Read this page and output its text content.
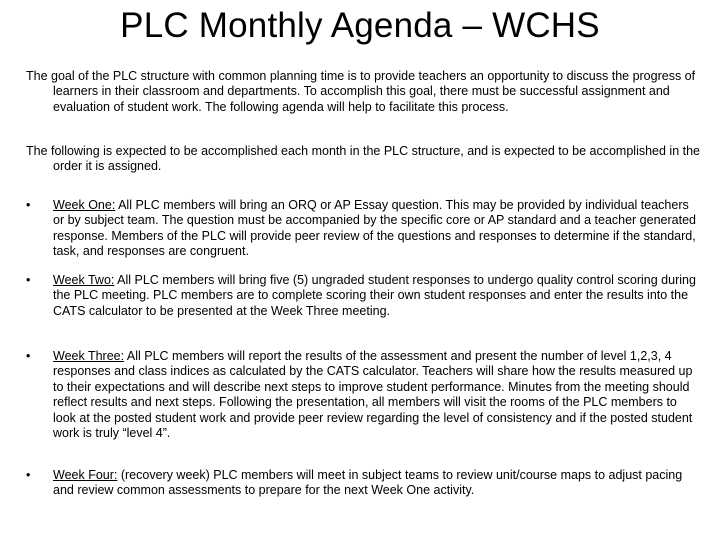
PLC Monthly Agenda – WCHS
The goal of the PLC structure with common planning time is to provide teachers an opportunity to discuss the progress of learners in their classroom and departments. To accomplish this goal, there must be successful assignment and evaluation of student work. The following agenda will help to facilitate this process.
The following is expected to be accomplished each month in the PLC structure, and is expected to be accomplished in the order it is assigned.
•	Week One: All PLC members will bring an ORQ or AP Essay question. This may be provided by individual teachers or by subject team. The question must be accompanied by the specific core or AP standard and a teacher generated response. Members of the PLC will provide peer review of the questions and responses to determine if the standard, task, and responses are congruent.
•	Week Two: All PLC members will bring five (5) ungraded student responses to undergo quality control scoring during the PLC meeting. PLC members are to complete scoring their own student responses and enter the results into the CATS calculator to be presented at the Week Three meeting.
•	Week Three: All PLC members will report the results of the assessment and present the number of level 1,2,3, 4 responses and class indices as calculated by the CATS calculator. Teachers will share how the results measured up to their expectations and will describe next steps to improve student performance. Minutes from the meeting should reflect results and next steps. Following the presentation, all members will visit the rooms of the PLC members to look at the posted student work and provide peer review regarding the level of consistency and if the posted student work is truly “level 4”.
•	Week Four: (recovery week) PLC members will meet in subject teams to review unit/course maps to adjust pacing and review common assessments to prepare for the next Week One activity.
